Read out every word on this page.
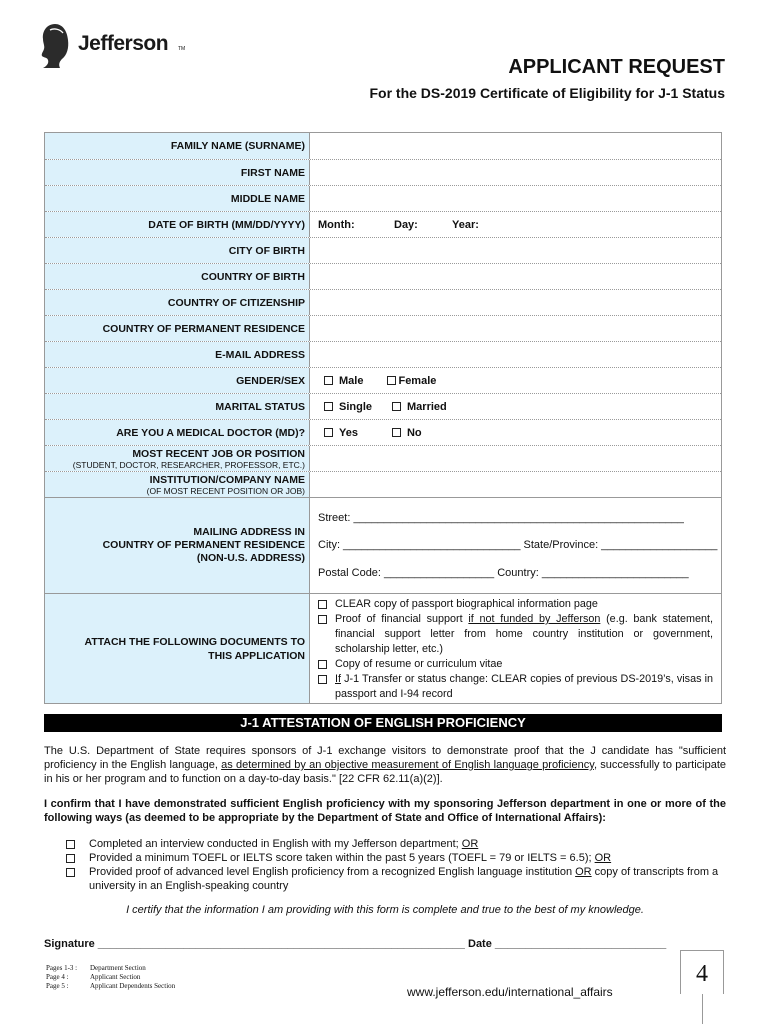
Jefferson TM
APPLICANT REQUEST
For the DS-2019 Certificate of Eligibility for J-1 Status
FAMILY NAME (SURNAME)
FIRST NAME
MIDDLE NAME
DATE OF BIRTH (MM/DD/YYYY)	Month:	Day:	Year:
CITY OF BIRTH
COUNTRY OF BIRTH
COUNTRY OF CITIZENSHIP
COUNTRY OF PERMANENT RESIDENCE
E-MAIL ADDRESS
GENDER/SEX	Male	Female
MARITAL STATUS	Single	Married
ARE YOU A MEDICAL DOCTOR (MD)?	Yes	No
MOST RECENT JOB OR POSITION
(STUDENT, DOCTOR, RESEARCHER, PROFESSOR, ETC.)
INSTITUTION/COMPANY NAME
(OF MOST RECENT POSITION OR JOB)
MAILING ADDRESS IN
COUNTRY OF PERMANENT RESIDENCE
(NON-U.S. ADDRESS)
Street: ______________________________________________________
City: _____________________________ State/Province: ___________________
Postal Code: __________________ Country: ________________________
ATTACH THE FOLLOWING DOCUMENTS TO
THIS APPLICATION
CLEAR copy of passport biographical information page
Proof of financial support if not funded by Jefferson (e.g. bank statement, financial support letter from home country institution or government, scholarship letter, etc.)
Copy of resume or curriculum vitae
If J-1 Transfer or status change: CLEAR copies of previous DS-2019’s, visas in passport and I-94 record
J-1 ATTESTATION OF ENGLISH PROFICIENCY
The U.S. Department of State requires sponsors of J-1 exchange visitors to demonstrate proof that the J candidate has "sufficient proficiency in the English language, as determined by an objective measurement of English language proficiency, successfully to participate in his or her program and to function on a day-to-day basis." [22 CFR 62.11(a)(2)].
I confirm that I have demonstrated sufficient English proficiency with my sponsoring Jefferson department in one or more of the following ways (as deemed to be appropriate by the Department of State and Office of International Affairs):
Completed an interview conducted in English with my Jefferson department; OR
Provided a minimum TOEFL or IELTS score taken within the past 5 years (TOEFL = 79 or IELTS = 6.5); OR
Provided proof of advanced level English proficiency from a recognized English language institution OR copy of transcripts from a university in an English-speaking country
I certify that the information I am providing with this form is complete and true to the best of my knowledge.
Signature ____________________________________________________________ Date ____________________________
Pages 1-3 :	Department Section
Page 4 :	Applicant Section
Page 5 :	Applicant Dependents Section	4
www.jefferson.edu/international_affairs
